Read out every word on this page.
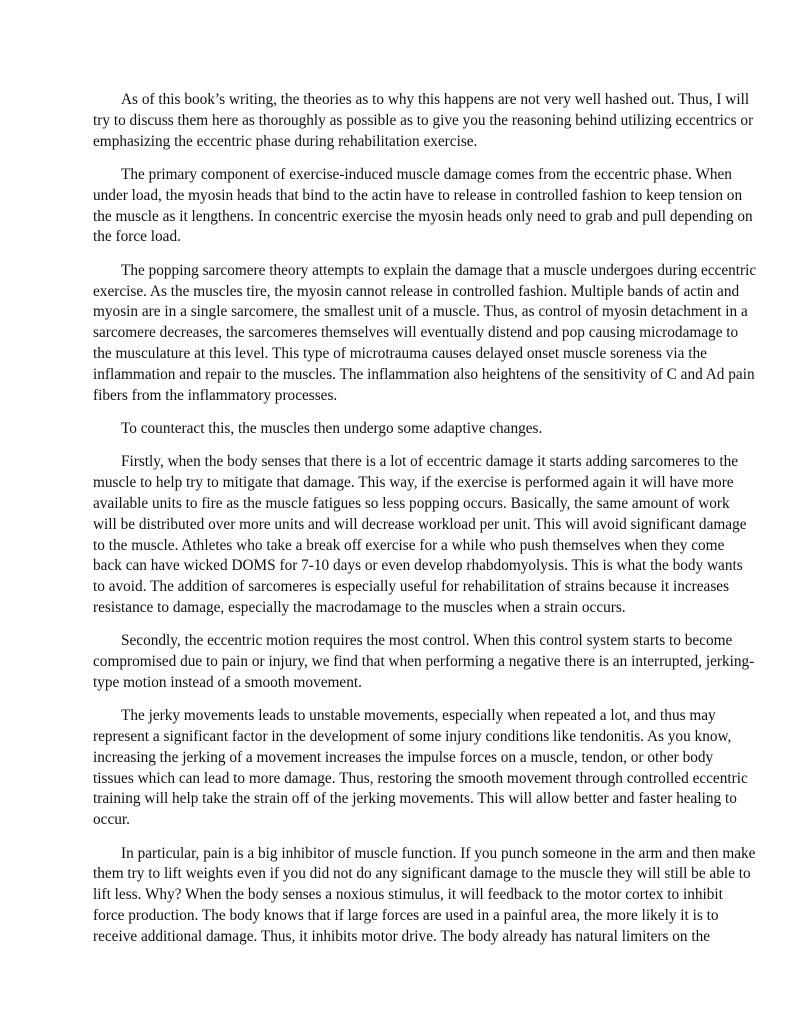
As of this book’s writing, the theories as to why this happens are not very well hashed out. Thus, I will try to discuss them here as thoroughly as possible as to give you the reasoning behind utilizing eccentrics or emphasizing the eccentric phase during rehabilitation exercise.

The primary component of exercise-induced muscle damage comes from the eccentric phase. When under load, the myosin heads that bind to the actin have to release in controlled fashion to keep tension on the muscle as it lengthens. In concentric exercise the myosin heads only need to grab and pull depending on the force load.

The popping sarcomere theory attempts to explain the damage that a muscle undergoes during eccentric exercise. As the muscles tire, the myosin cannot release in controlled fashion. Multiple bands of actin and myosin are in a single sarcomere, the smallest unit of a muscle. Thus, as control of myosin detachment in a sarcomere decreases, the sarcomeres themselves will eventually distend and pop causing microdamage to the musculature at this level. This type of microtrauma causes delayed onset muscle soreness via the inflammation and repair to the muscles. The inflammation also heightens of the sensitivity of C and Ad pain fibers from the inflammatory processes.

To counteract this, the muscles then undergo some adaptive changes.

Firstly, when the body senses that there is a lot of eccentric damage it starts adding sarcomeres to the muscle to help try to mitigate that damage. This way, if the exercise is performed again it will have more available units to fire as the muscle fatigues so less popping occurs. Basically, the same amount of work will be distributed over more units and will decrease workload per unit. This will avoid significant damage to the muscle. Athletes who take a break off exercise for a while who push themselves when they come back can have wicked DOMS for 7-10 days or even develop rhabdomyolysis. This is what the body wants to avoid. The addition of sarcomeres is especially useful for rehabilitation of strains because it increases resistance to damage, especially the macrodamage to the muscles when a strain occurs.

Secondly, the eccentric motion requires the most control. When this control system starts to become compromised due to pain or injury, we find that when performing a negative there is an interrupted, jerking-type motion instead of a smooth movement.

The jerky movements leads to unstable movements, especially when repeated a lot, and thus may represent a significant factor in the development of some injury conditions like tendonitis. As you know, increasing the jerking of a movement increases the impulse forces on a muscle, tendon, or other body tissues which can lead to more damage. Thus, restoring the smooth movement through controlled eccentric training will help take the strain off of the jerking movements. This will allow better and faster healing to occur.

In particular, pain is a big inhibitor of muscle function. If you punch someone in the arm and then make them try to lift weights even if you did not do any significant damage to the muscle they will still be able to lift less. Why? When the body senses a noxious stimulus, it will feedback to the motor cortex to inhibit force production. The body knows that if large forces are used in a painful area, the more likely it is to receive additional damage. Thus, it inhibits motor drive. The body already has natural limiters on the
